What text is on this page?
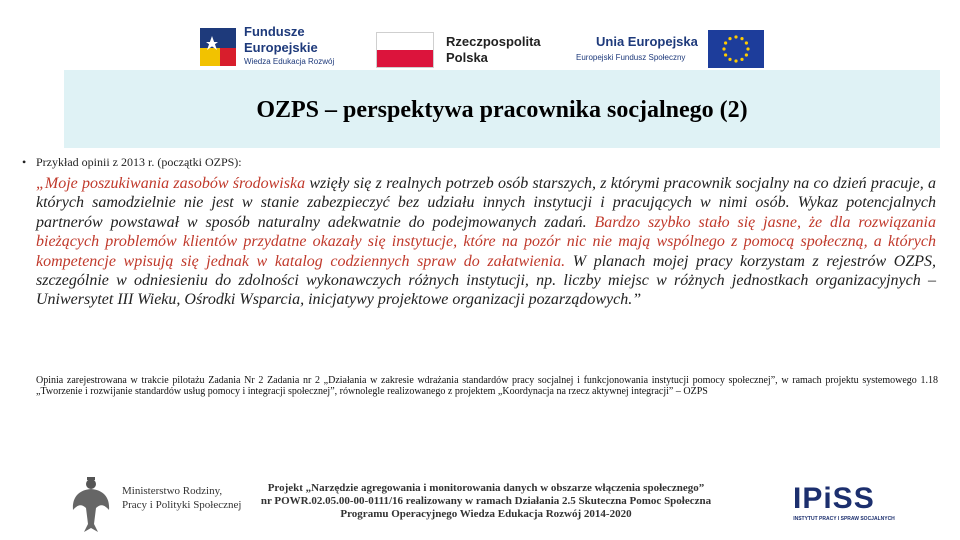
Fundusze
Europejskie
Wiedza Edukacja Rozwój
Rzeczpospolita
Polska
Unia Europejska
Europejski Fundusz Społeczny
OZPS – perspektywa pracownika socjalnego (2)
• Przykład opinii z 2013 r. (początki OZPS):

„Moje poszukiwania zasobów środowiska wzięły się z realnych potrzeb osób starszych, z którymi pracownik socjalny na co dzień pracuje, a których samodzielnie nie jest w stanie zabezpieczyć bez udziału innych instytucji i pracujących w nimi osób. Wykaz potencjalnych partnerów powstawał w sposób naturalny adekwatnie do podejmowanych zadań. Bardzo szybko stało się jasne, że dla rozwiązania bieżących problemów klientów przydatne okazały się instytucje, które na pozór nic nie mają wspólnego z pomocą społeczną, a których kompetencje wpisują się jednak w katalog codziennych spraw do załatwienia. W planach mojej pracy korzystam z rejestrów OZPS, szczególnie w odniesieniu do zdolności wykonawczych różnych instytucji, np. liczby miejsc w różnych jednostkach organizacyjnych – Uniwersytet III Wieku, Ośrodki Wsparcia, inicjatywy projektowe organizacji pozarządowych.”

Opinia zarejestrowana w trakcie pilotażu Zadania Nr 2 Zadania nr 2 „Działania w zakresie wdrażania standardów pracy socjalnej i funkcjonowania instytucji pomocy społecznej”, w ramach projektu systemowego 1.18 „Tworzenie i rozwijanie standardów usług pomocy i integracji społecznej”, równolegle realizowanego z projektem „Koordynacja na rzecz aktywnej integracji” – OZPS

Ministerstwo Rodziny,
Pracy i Polityki Społecznej
Projekt „Narzędzie agregowania i monitorowania danych w obszarze włączenia społecznego”
nr POWR.02.05.00-00-0111/16 realizowany w ramach Działania 2.5 Skuteczna Pomoc Społeczna
Programu Operacyjnego Wiedza Edukacja Rozwój 2014-2020	IPiSS
INSTYTUT PRACY I SPRAW SOCJALNYCH
